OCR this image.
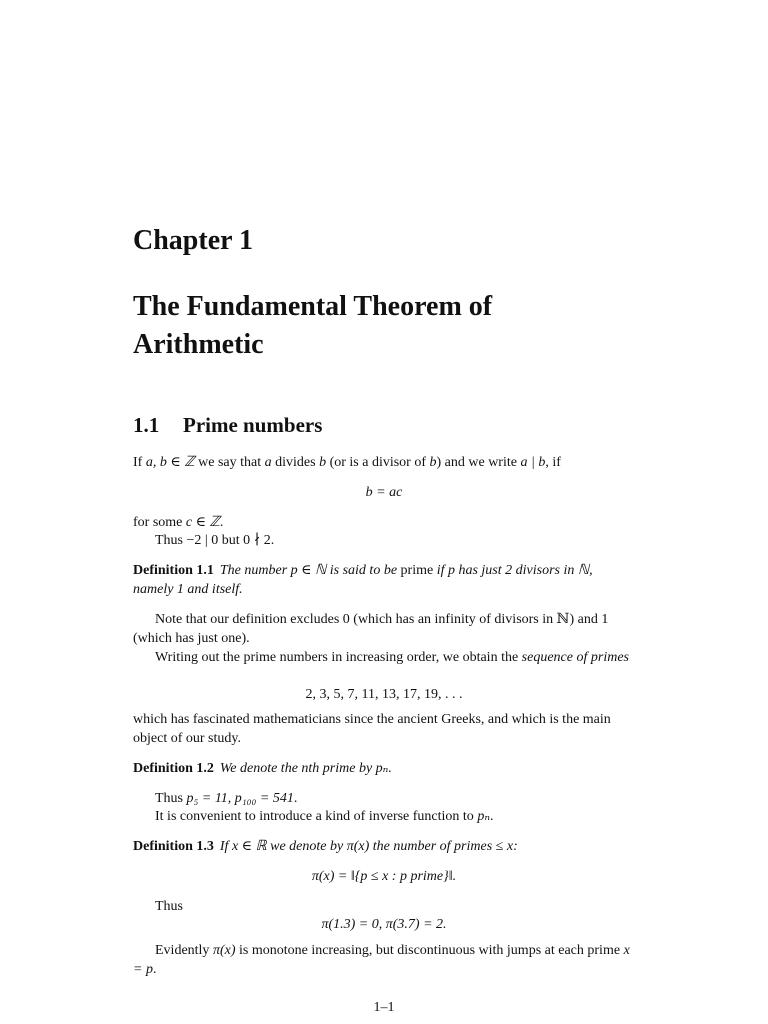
Chapter 1
The Fundamental Theorem of Arithmetic
1.1 Prime numbers

If a, b ∈ ℤ we say that a divides b (or is a divisor of b) and we write a | b, if

b = ac

for some c ∈ ℤ.

Thus −2 | 0 but 0 ∤ 2.

Definition 1.1 The number p ∈ ℕ is said to be prime if p has just 2 divisors in ℕ, namely 1 and itself.

Note that our definition excludes 0 (which has an infinity of divisors in ℕ) and 1 (which has just one).

Writing out the prime numbers in increasing order, we obtain the sequence of primes

2, 3, 5, 7, 11, 13, 17, 19, . . .

which has fascinated mathematicians since the ancient Greeks, and which is the main object of our study.

Definition 1.2 We denote the nth prime by pₙ.

Thus p₅ = 11, p₁₀₀ = 541.

It is convenient to introduce a kind of inverse function to pₙ.

Definition 1.3 If x ∈ ℝ we denote by π(x) the number of primes ≤ x:

π(x) = ‖{p ≤ x : p prime}‖.

Thus

π(1.3) = 0, π(3.7) = 2.

Evidently π(x) is monotone increasing, but discontinuous with jumps at each prime x = p.

1–1
